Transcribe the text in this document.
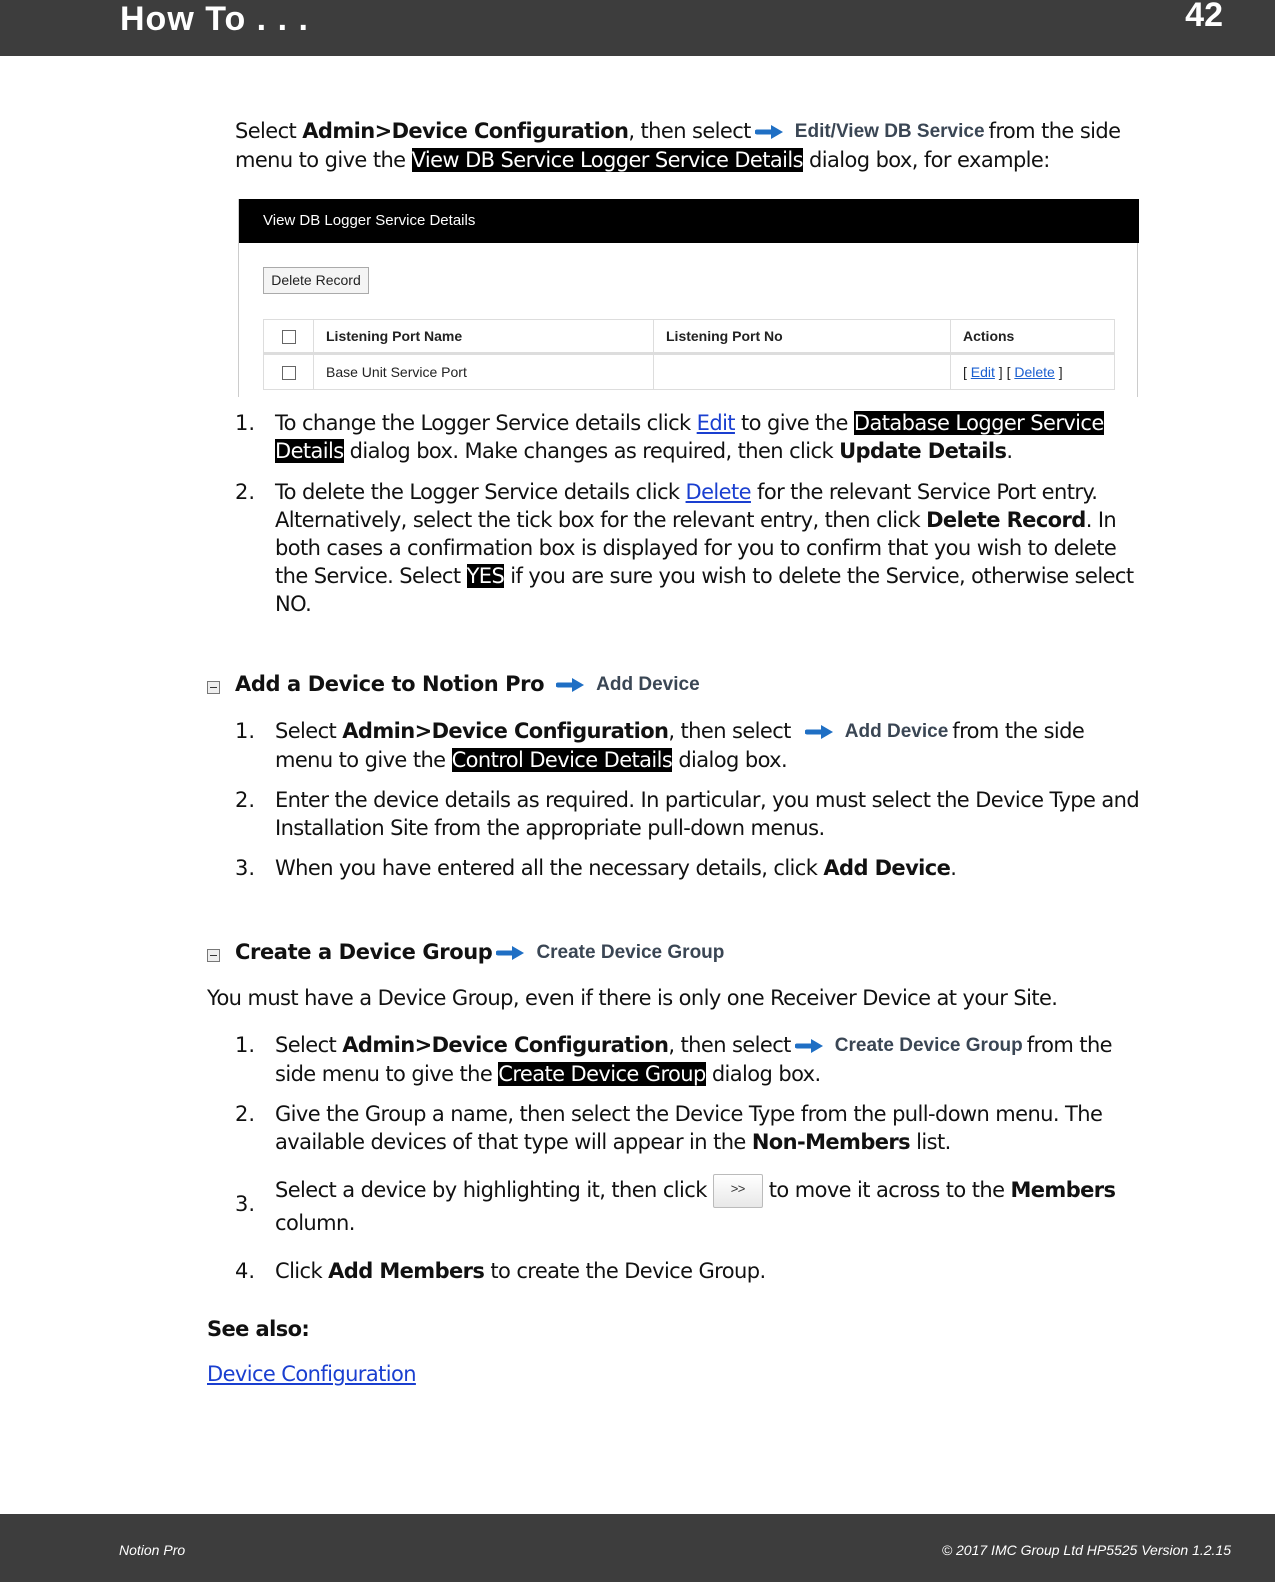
How To . . .	42
Select Admin>Device Configuration, then select Edit/View DB Service from the side menu to give the View DB Service Logger Service Details dialog box, for example:
View DB Logger Service Details
Delete Record
	Listening Port Name	Listening Port No	Actions
	Base Unit Service Port		[ Edit ] [ Delete ]
1. To change the Logger Service details click Edit to give the Database Logger Service Details dialog box. Make changes as required, then click Update Details.
2. To delete the Logger Service details click Delete for the relevant Service Port entry. Alternatively, select the tick box for the relevant entry, then click Delete Record. In both cases a confirmation box is displayed for you to confirm that you wish to delete the Service. Select YES if you are sure you wish to delete the Service, otherwise select NO.
Add a Device to Notion Pro	Add Device
1. Select Admin>Device Configuration, then select	Add Device from the side menu to give the Control Device Details dialog box.
2. Enter the device details as required. In particular, you must select the Device Type and Installation Site from the appropriate pull-down menus.
3. When you have entered all the necessary details, click Add Device.
Create a Device Group Create Device Group
You must have a Device Group, even if there is only one Receiver Device at your Site.
1. Select Admin>Device Configuration, then select Create Device Group from the side menu to give the Create Device Group dialog box.
2. Give the Group a name, then select the Device Type from the pull-down menu. The available devices of that type will appear in the Non-Members list.
3.
Select a device by highlighting it, then click >> to move it across to the Members column.
4. Click Add Members to create the Device Group.
See also:
Device Configuration
Notion Pro	© 2017 IMC Group Ltd HP5525 Version 1.2.15
